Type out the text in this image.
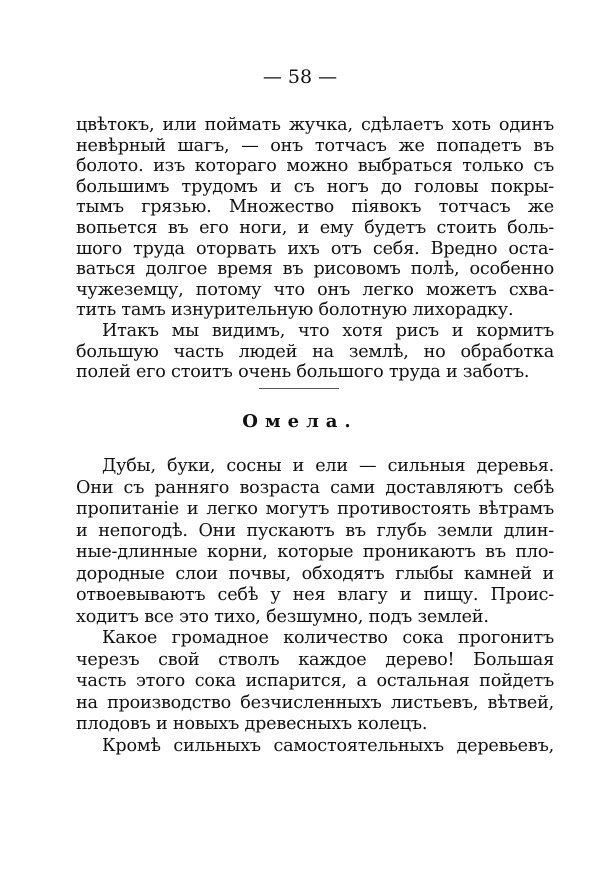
— 58 —
цвѣтокъ, или поймать жучка, сдѣлаетъ хоть одинъ
невѣрный шагъ, — онъ тотчасъ же попадетъ въ
болото. изъ котораго можно выбраться только съ
большимъ трудомъ и съ ногъ до головы покры-
тымъ грязью. Множество піявокъ тотчасъ же
вопьется въ его ноги, и ему будетъ стоить боль-
шого труда оторвать ихъ отъ себя. Вредно оста-
ваться долгое время въ рисовомъ полѣ, особенно
чужеземцу, потому что онъ легко можетъ схва-
тить тамъ изнурительную болотную лихорадку.
Итакъ мы видимъ, что хотя рисъ и кормитъ
большую часть людей на землѣ, но обработка
полей его стоитъ очень большого труда и заботъ.
Омела.
Дубы, буки, сосны и ели — сильныя деревья.
Они съ ранняго возраста сами доставляютъ себѣ
пропитаніе и легко могутъ противостоять вѣтрамъ
и непогодѣ. Они пускаютъ въ глубь земли длин-
ные-длинные корни, которые проникаютъ въ пло-
дородные слои почвы, обходятъ глыбы камней и
отвоевываютъ себѣ у нея влагу и пищу. Проис-
ходитъ все это тихо, безшумно, подъ землей.
Какое громадное количество сока прогонитъ
черезъ свой стволъ каждое дерево! Большая
часть этого сока испарится, а остальная пойдетъ
на производство безчисленныхъ листьевъ, вѣтвей,
плодовъ и новыхъ древесныхъ колецъ.
Кромѣ сильныхъ самостоятельныхъ деревьевъ,
